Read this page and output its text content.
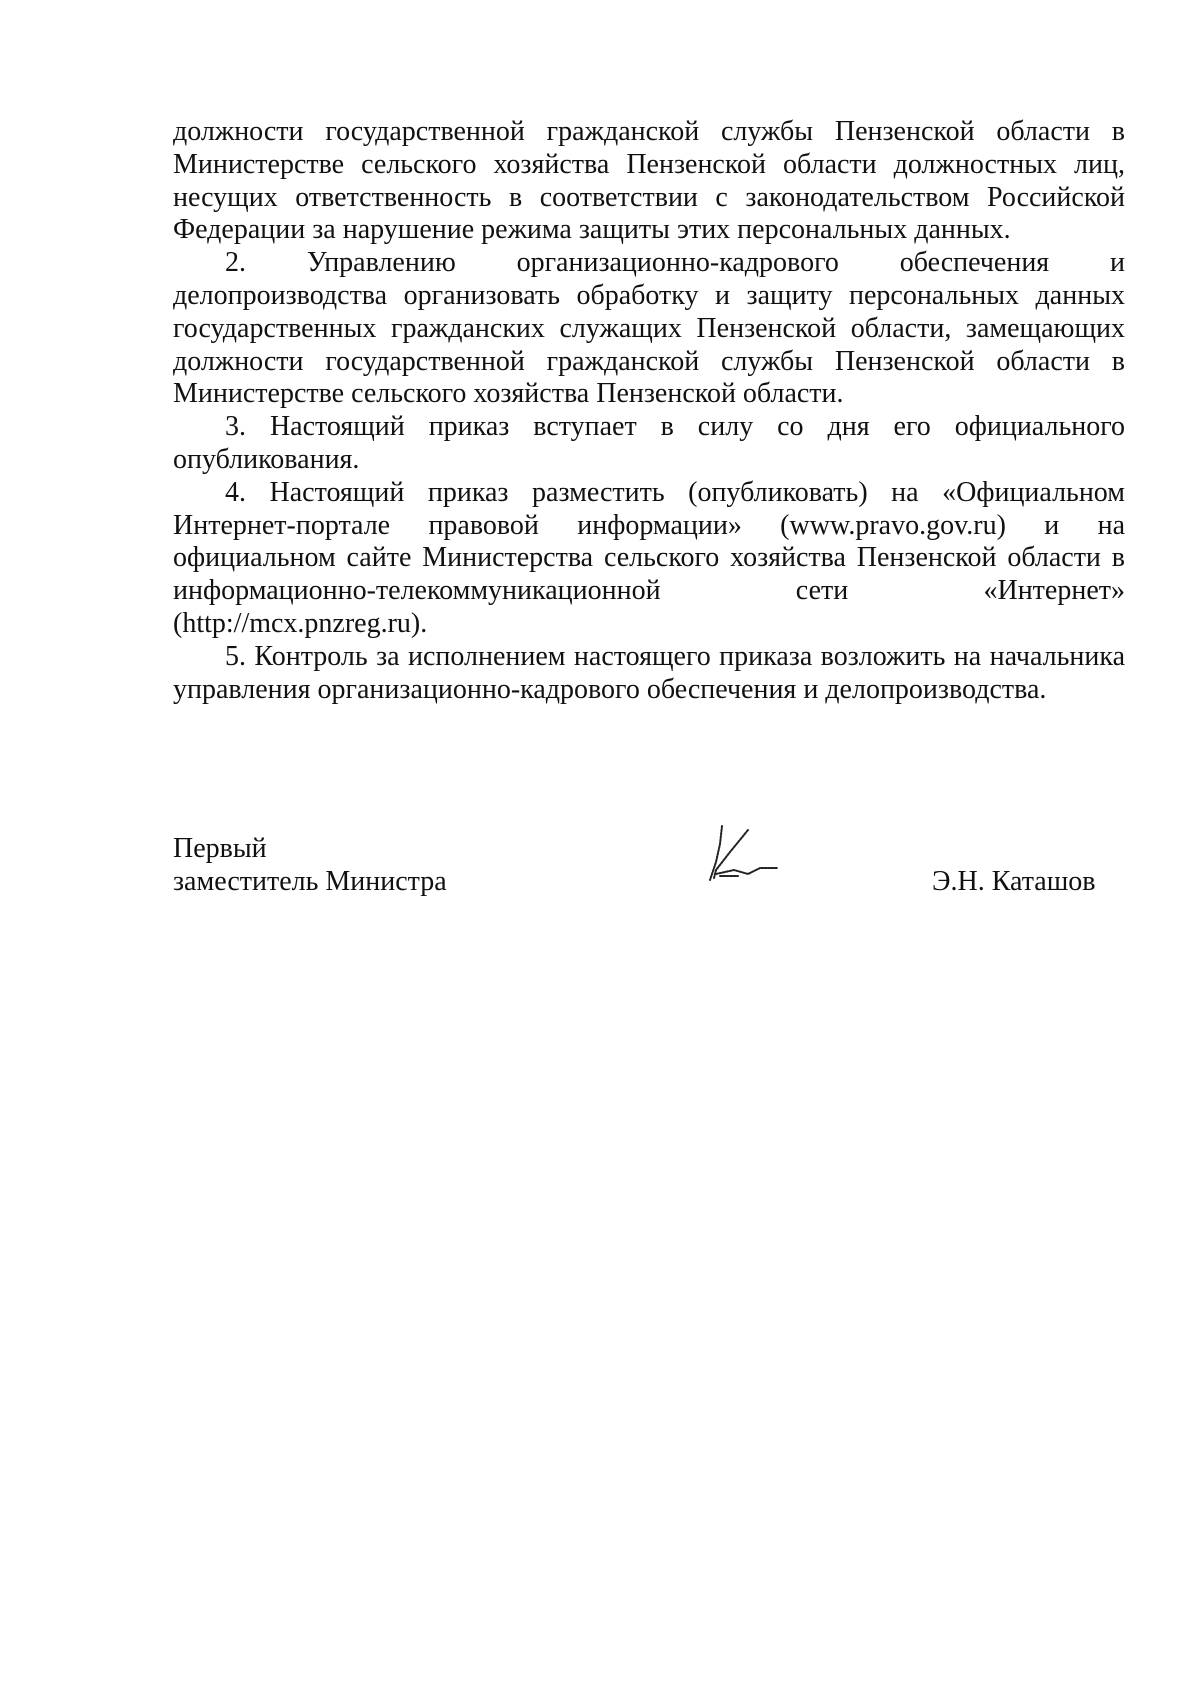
должности государственной гражданской службы Пензенской области в Министерстве сельского хозяйства Пензенской области должностных лиц, несущих ответственность в соответствии с законодательством Российской Федерации за нарушение режима защиты этих персональных данных.

2. Управлению организационно-кадрового обеспечения и делопроизводства организовать обработку и защиту персональных данных государственных гражданских служащих Пензенской области, замещающих должности государственной гражданской службы Пензенской области в Министерстве сельского хозяйства Пензенской области.

3. Настоящий приказ вступает в силу со дня его официального опубликования.

4. Настоящий приказ разместить (опубликовать) на «Официальном Интернет-портале правовой информации» (www.pravo.gov.ru) и на официальном сайте Министерства сельского хозяйства Пензенской области в информационно-телекоммуникационной сети «Интернет» (http://mcx.pnzreg.ru).

5. Контроль за исполнением настоящего приказа возложить на начальника управления организационно-кадрового обеспечения и делопроизводства.

Первый
заместитель Министра	Э.Н. Каташов
